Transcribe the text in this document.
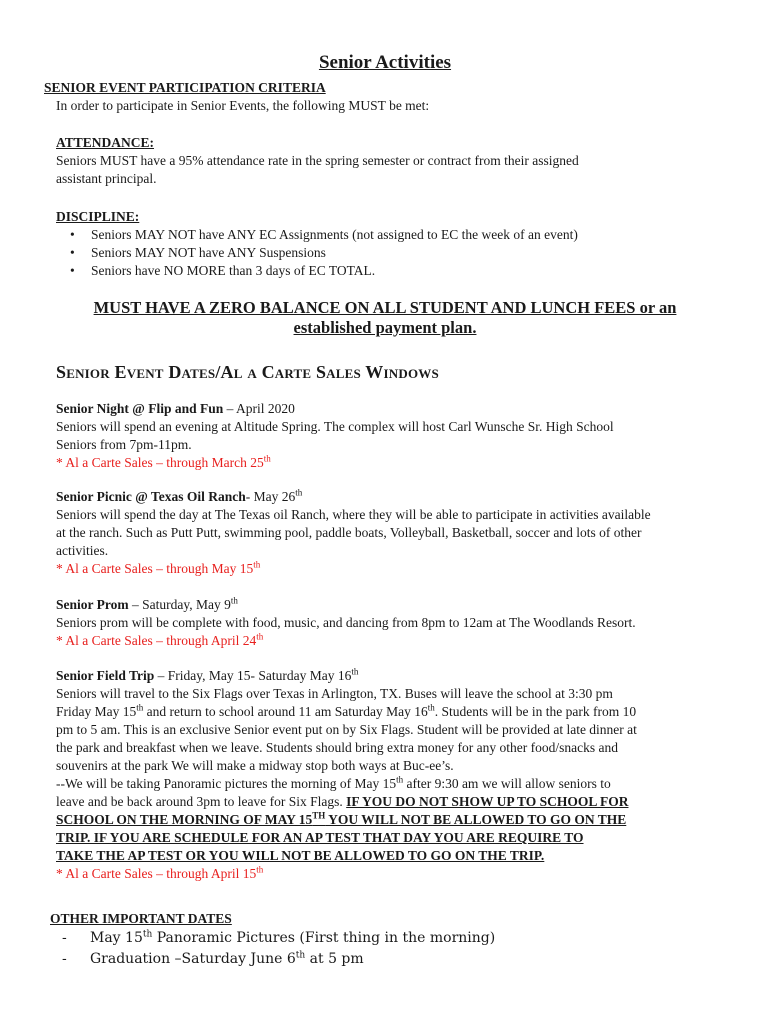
Senior Activities
SENIOR EVENT PARTICIPATION CRITERIA
In order to participate in Senior Events, the following MUST be met:
ATTENDANCE:
Seniors MUST have a 95% attendance rate in the spring semester or contract from their assigned
assistant principal.
DISCIPLINE:
• Seniors MAY NOT have ANY EC Assignments (not assigned to EC the week of an event)
• Seniors MAY NOT have ANY Suspensions
• Seniors have NO MORE than 3 days of EC TOTAL.
MUST HAVE A ZERO BALANCE ON ALL STUDENT AND LUNCH FEES or an
established payment plan.
Senior Event Dates/Al a Carte Sales Windows
Senior Night @ Flip and Fun – April 2020
Seniors will spend an evening at Altitude Spring. The complex will host Carl Wunsche Sr. High School
Seniors from 7pm-11pm.
* Al a Carte Sales – through March 25th
Senior Picnic @ Texas Oil Ranch- May 26th
Seniors will spend the day at The Texas oil Ranch, where they will be able to participate in activities available
at the ranch. Such as Putt Putt, swimming pool, paddle boats, Volleyball, Basketball, soccer and lots of other
activities.
* Al a Carte Sales – through May 15th
Senior Prom – Saturday, May 9th
Seniors prom will be complete with food, music, and dancing from 8pm to 12am at The Woodlands Resort.
* Al a Carte Sales – through April 24th
Senior Field Trip – Friday, May 15- Saturday May 16th
Seniors will travel to the Six Flags over Texas in Arlington, TX. Buses will leave the school at 3:30 pm
Friday May 15th and return to school around 11 am Saturday May 16th. Students will be in the park from 10
pm to 5 am. This is an exclusive Senior event put on by Six Flags. Student will be provided at late dinner at
the park and breakfast when we leave. Students should bring extra money for any other food/snacks and
souvenirs at the park We will make a midway stop both ways at Buc-ee’s.
--We will be taking Panoramic pictures the morning of May 15th after 9:30 am we will allow seniors to
leave and be back around 3pm to leave for Six Flags. IF YOU DO NOT SHOW UP TO SCHOOL FOR
SCHOOL ON THE MORNING OF MAY 15TH YOU WILL NOT BE ALLOWED TO GO ON THE
TRIP. IF YOU ARE SCHEDULE FOR AN AP TEST THAT DAY YOU ARE REQUIRE TO
TAKE THE AP TEST OR YOU WILL NOT BE ALLOWED TO GO ON THE TRIP.
* Al a Carte Sales – through April 15th
OTHER IMPORTANT DATES
- May 15th Panoramic Pictures (First thing in the morning)
- Graduation –Saturday June 6th at 5 pm
